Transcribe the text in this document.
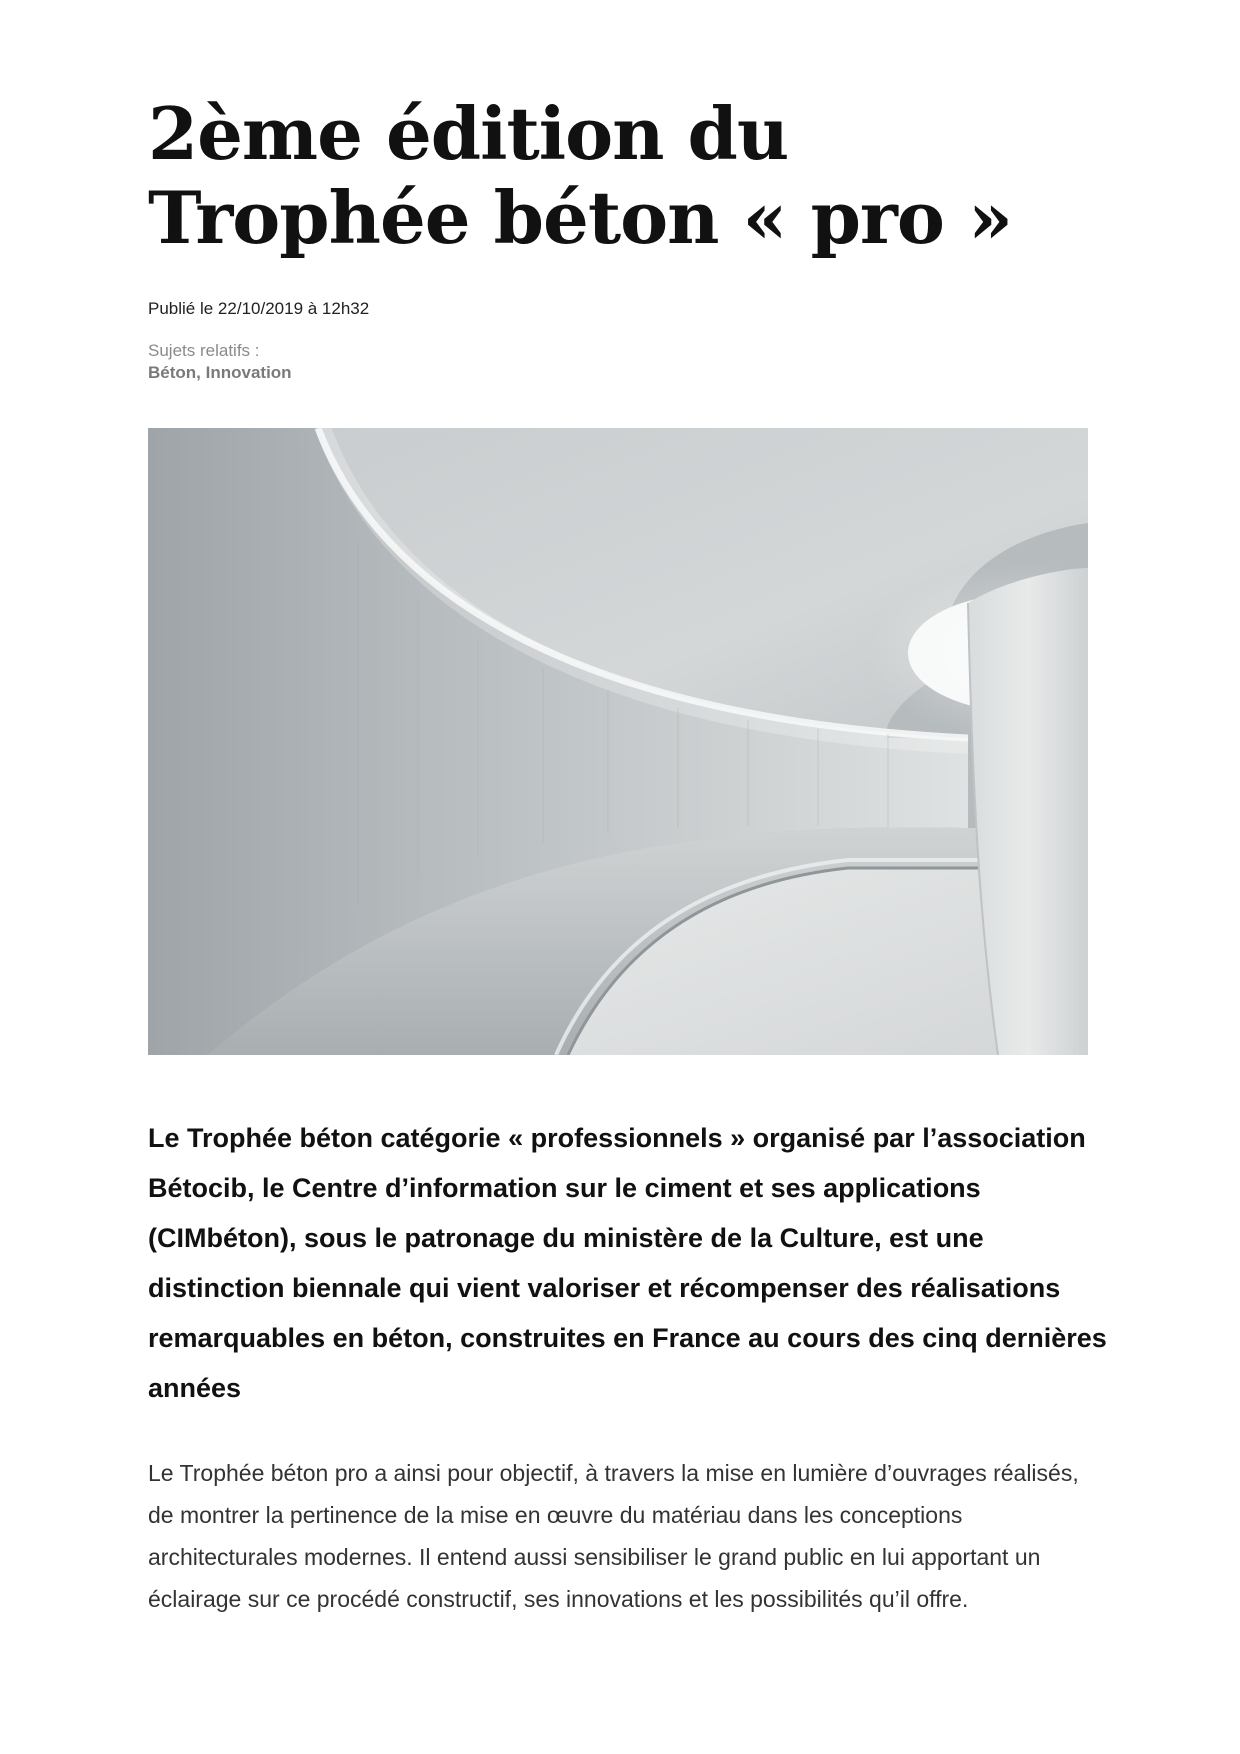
2ème édition du Trophée béton « pro »
Publié le 22/10/2019 à 12h32
Sujets relatifs :
Béton, Innovation

Le Trophée béton catégorie « professionnels » organisé par l’association Bétocib, le Centre d’information sur le ciment et ses applications (CIMbéton), sous le patronage du ministère de la Culture, est une distinction biennale qui vient valoriser et récompenser des réalisations remarquables en béton, construites en France au cours des cinq dernières années

Le Trophée béton pro a ainsi pour objectif, à travers la mise en lumière d’ouvrages réalisés, de montrer la pertinence de la mise en œuvre du matériau dans les conceptions architecturales modernes. Il entend aussi sensibiliser le grand public en lui apportant un éclairage sur ce procédé constructif, ses innovations et les possibilités qu’il offre.
